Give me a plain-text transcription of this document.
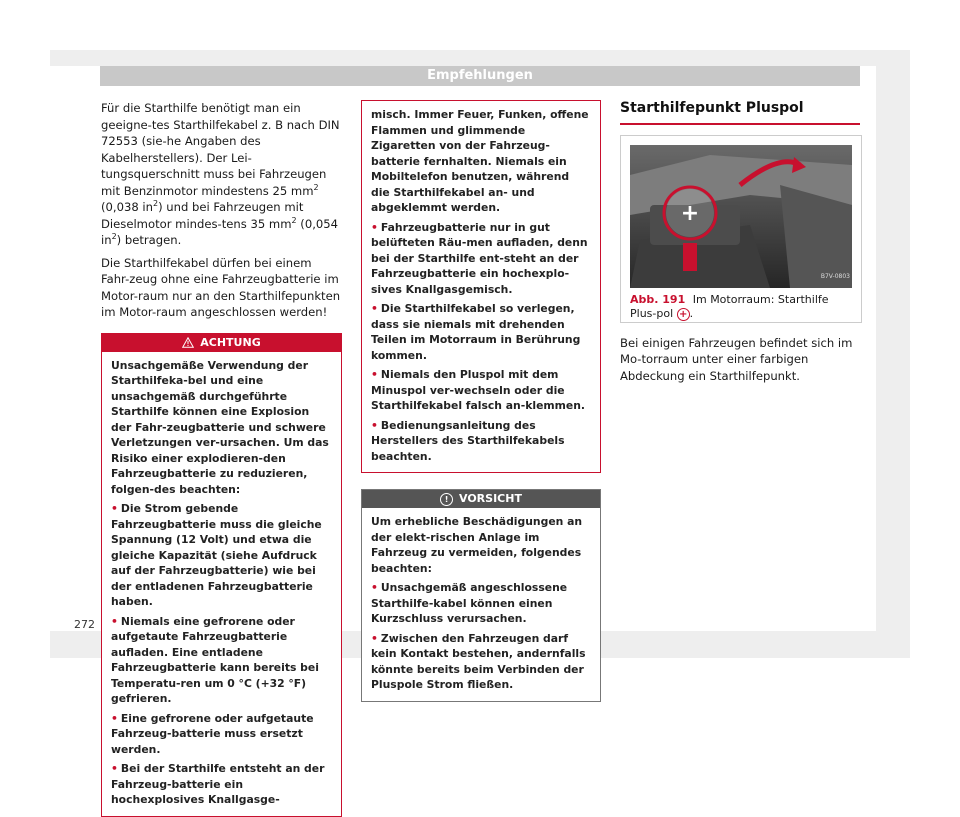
Empfehlungen

Für die Starthilfe benötigt man ein geeigne-tes Starthilfekabel z. B nach DIN 72553 (sie-he Angaben des Kabelherstellers). Der Lei-tungsquerschnitt muss bei Fahrzeugen mit Benzinmotor mindestens 25 $mm^2$ (0,038 $in^2$) und bei Fahrzeugen mit Dieselmotor mindes-tens 35 $mm^2$ (0,054 $in^2$) betragen.

Die Starthilfekabel dürfen bei einem Fahr-zeug ohne eine Fahrzeugbatterie im Motor-raum nur an den Starthilfepunkten im Motor-raum angeschlossen werden!

ACHTUNG
Unsachgemäße Verwendung der Starthilfeka-bel und eine unsachgemäß durchgeführte Starthilfe können eine Explosion der Fahr-zeugbatterie und schwere Verletzungen ver-ursachen. Um das Risiko einer explodieren-den Fahrzeugbatterie zu reduzieren, folgen-des beachten:
• Die Strom gebende Fahrzeugbatterie muss die gleiche Spannung (12 Volt) und etwa die gleiche Kapazität (siehe Aufdruck auf der Fahrzeugbatterie) wie bei der entladenen Fahrzeugbatterie haben.
• Niemals eine gefrorene oder aufgetaute Fahrzeugbatterie aufladen. Eine entladene Fahrzeugbatterie kann bereits bei Temperatu-ren um 0 °C (+32 °F) gefrieren.
• Eine gefrorene oder aufgetaute Fahrzeug-batterie muss ersetzt werden.
• Bei der Starthilfe entsteht an der Fahrzeug-batterie ein hochexplosives Knallgasge-
misch. Immer Feuer, Funken, offene Flammen und glimmende Zigaretten von der Fahrzeug-batterie fernhalten. Niemals ein Mobiltelefon benutzen, während die Starthilfekabel an- und abgeklemmt werden.
• Fahrzeugbatterie nur in gut belüfteten Räu-men aufladen, denn bei der Starthilfe ent-steht an der Fahrzeugbatterie ein hochexplo-sives Knallgasgemisch.
• Die Starthilfekabel so verlegen, dass sie niemals mit drehenden Teilen im Motorraum in Berührung kommen.
• Niemals den Pluspol mit dem Minuspol ver-wechseln oder die Starthilfekabel falsch an-klemmen.
• Bedienungsanleitung des Herstellers des Starthilfekabels beachten.
! VORSICHT
Um erhebliche Beschädigungen an der elekt-rischen Anlage im Fahrzeug zu vermeiden, folgendes beachten:
• Unsachgemäß angeschlossene Starthilfe-kabel können einen Kurzschluss verursachen.
• Zwischen den Fahrzeugen darf kein Kontakt bestehen, andernfalls könnte bereits beim Verbinden der Pluspole Strom fließen.
Starthilfepunkt Pluspol
+
B7V-0803
Abb. 191 Im Motorraum: Starthilfe Plus-pol + .

Bei einigen Fahrzeugen befindet sich im Mo-torraum unter einer farbigen Abdeckung ein Starthilfepunkt.

272
